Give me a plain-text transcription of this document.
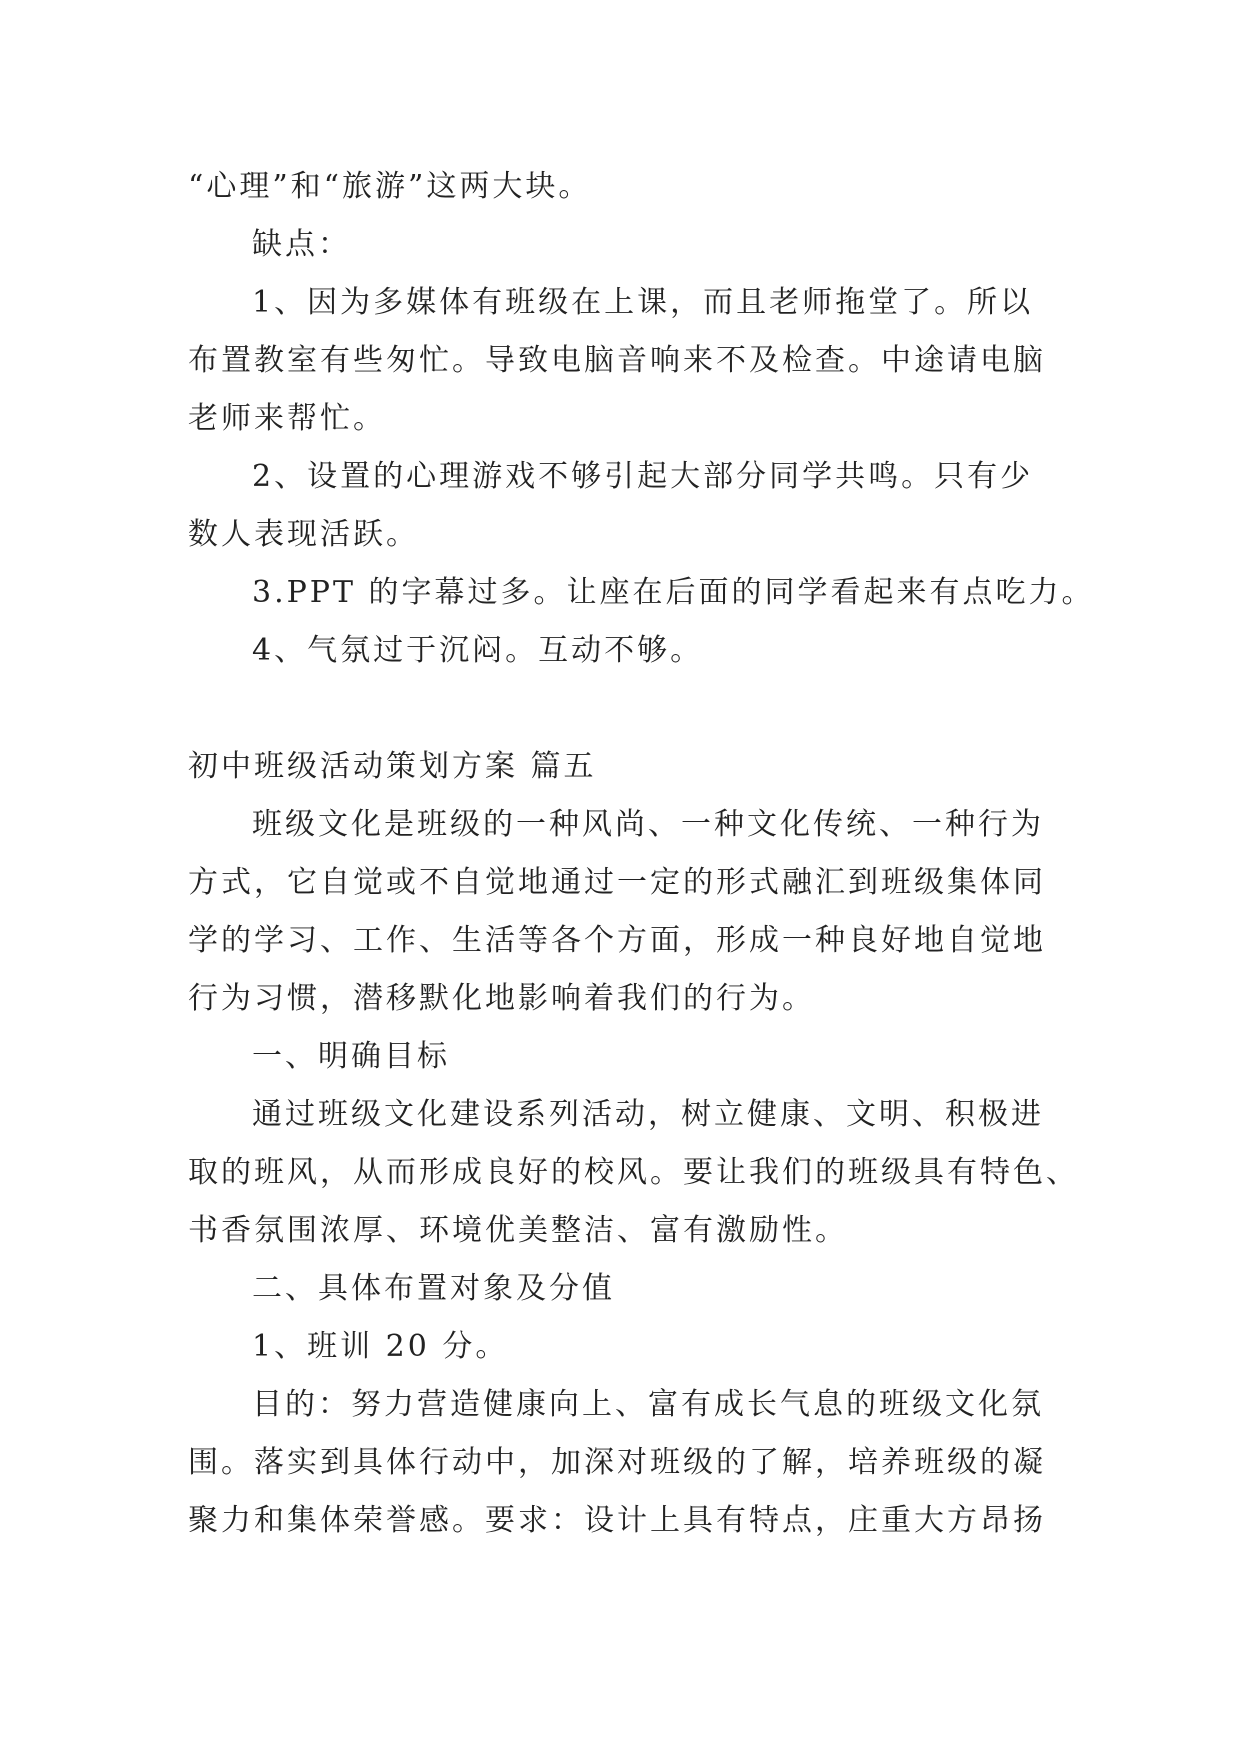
“心理”和“旅游”这两大块。
缺点：
1、因为多媒体有班级在上课，而且老师拖堂了。所以
布置教室有些匆忙。导致电脑音响来不及检查。中途请电脑
老师来帮忙。
2、设置的心理游戏不够引起大部分同学共鸣。只有少
数人表现活跃。
3.PPT 的字幕过多。让座在后面的同学看起来有点吃力。
4、气氛过于沉闷。互动不够。
初中班级活动策划方案 篇五
班级文化是班级的一种风尚、一种文化传统、一种行为
方式，它自觉或不自觉地通过一定的形式融汇到班级集体同
学的学习、工作、生活等各个方面，形成一种良好地自觉地
行为习惯，潜移默化地影响着我们的行为。
一、明确目标
通过班级文化建设系列活动，树立健康、文明、积极进
取的班风，从而形成良好的校风。要让我们的班级具有特色、
书香氛围浓厚、环境优美整洁、富有激励性。
二、具体布置对象及分值
1、班训 20 分。
目的：努力营造健康向上、富有成长气息的班级文化氛
围。落实到具体行动中，加深对班级的了解，培养班级的凝
聚力和集体荣誉感。要求：设计上具有特点，庄重大方昂扬
